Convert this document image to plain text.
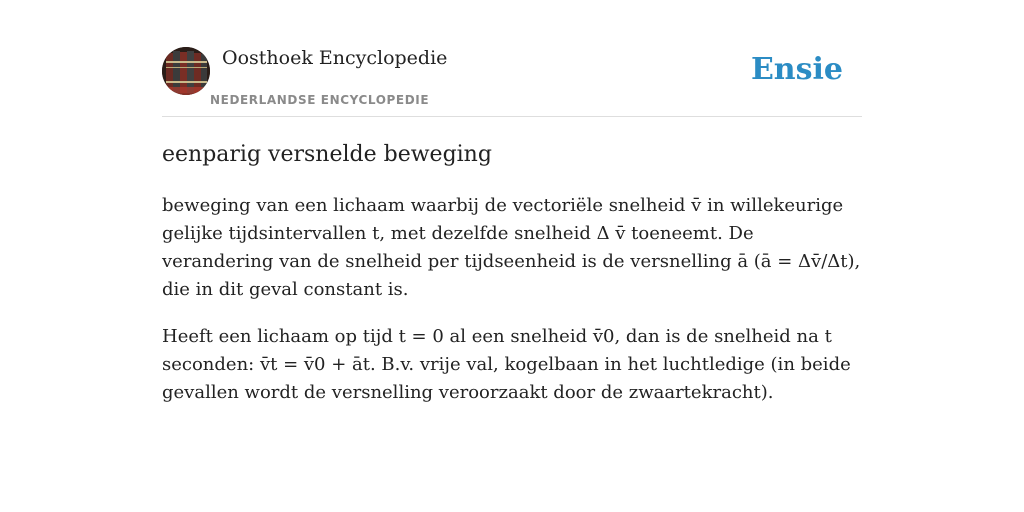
Oosthoek Encyclopedie
NEDERLANDSE ENCYCLOPEDIE
Ensie
eenparig versnelde beweging

beweging van een lichaam waarbij de vectoriële snelheid v̄ in willekeurige gelijke tijdsintervallen t, met dezelfde snelheid Δ v̄ toeneemt. De verandering van de snelheid per tijdseenheid is de versnelling ā (ā = Δv̄/Δt), die in dit geval constant is.

Heeft een lichaam op tijd t = 0 al een snelheid v̄0, dan is de snelheid na t seconden: v̄t = v̄0 + āt. B.v. vrije val, kogelbaan in het luchtledige (in beide gevallen wordt de versnelling veroorzaakt door de zwaartekracht).
